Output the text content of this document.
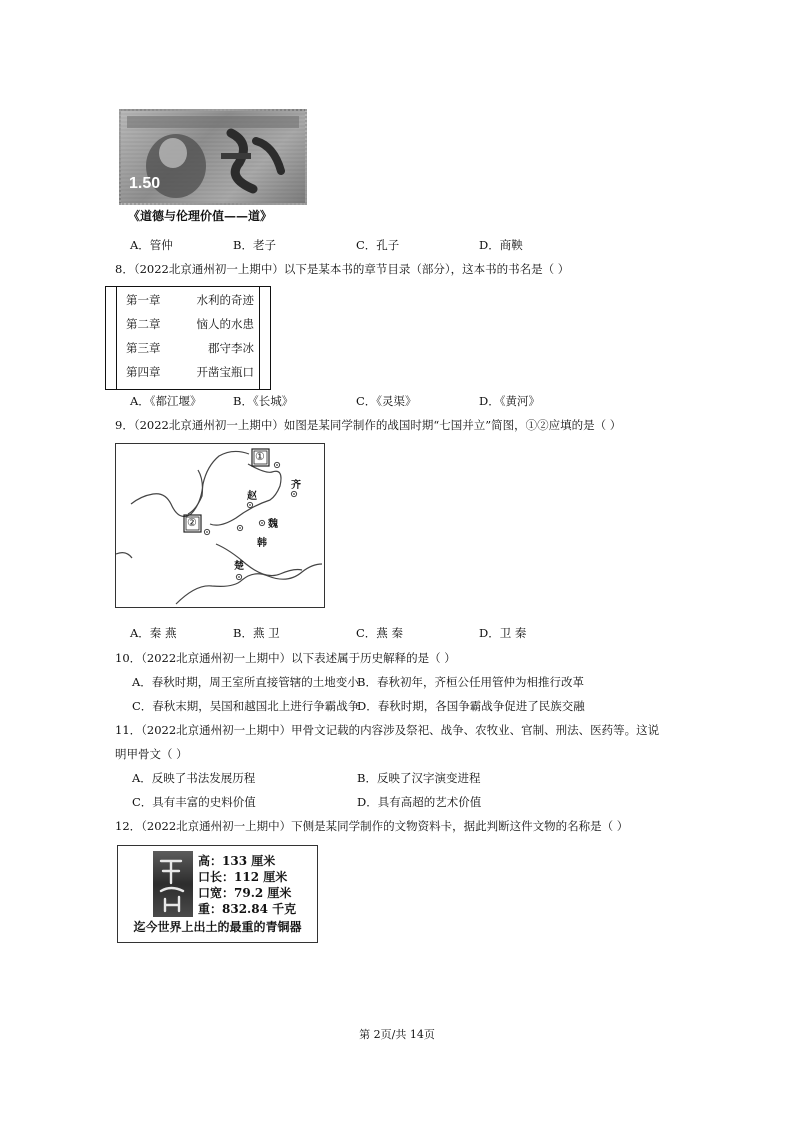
1.50
《道德与伦理价值——道》
A．管仲	B．老子	C．孔子	D．商鞅
8．（2022北京通州初一上期中）以下是某本书的章节目录（部分），这本书的书名是（ ）
第一章	水利的奇迹
第二章	恼人的水患
第三章	郡守李冰
第四章	开凿宝瓶口
A．《都江堰》	B．《长城》	C．《灵渠》	D．《黄河》
9．（2022北京通州初一上期中）如图是某同学制作的战国时期“七国并立”简图，①②应填的是（ ）
①
②
赵
齐
魏
韩
楚
A．秦 燕	B．燕 卫	C．燕 秦	D．卫 秦
10．（2022北京通州初一上期中）以下表述属于历史解释的是（ ）
A．春秋时期，周王室所直接管辖的土地变小
B．春秋初年，齐桓公任用管仲为相推行改革
C．春秋末期，吴国和越国北上进行争霸战争
D．春秋时期，各国争霸战争促进了民族交融
11．（2022北京通州初一上期中）甲骨文记载的内容涉及祭祀、战争、农牧业、官制、刑法、医药等。这说
明甲骨文（ ）
A．反映了书法发展历程	B．反映了汉字演变进程
C．具有丰富的史料价值	D．具有高超的艺术价值
12．（2022北京通州初一上期中）下侧是某同学制作的文物资料卡，据此判断这件文物的名称是（ ）
高：133 厘米
口长：112 厘米
口宽：79.2 厘米
重：832.84 千克
迄今世界上出土的最重的青铜器
第 2页/共 14页
